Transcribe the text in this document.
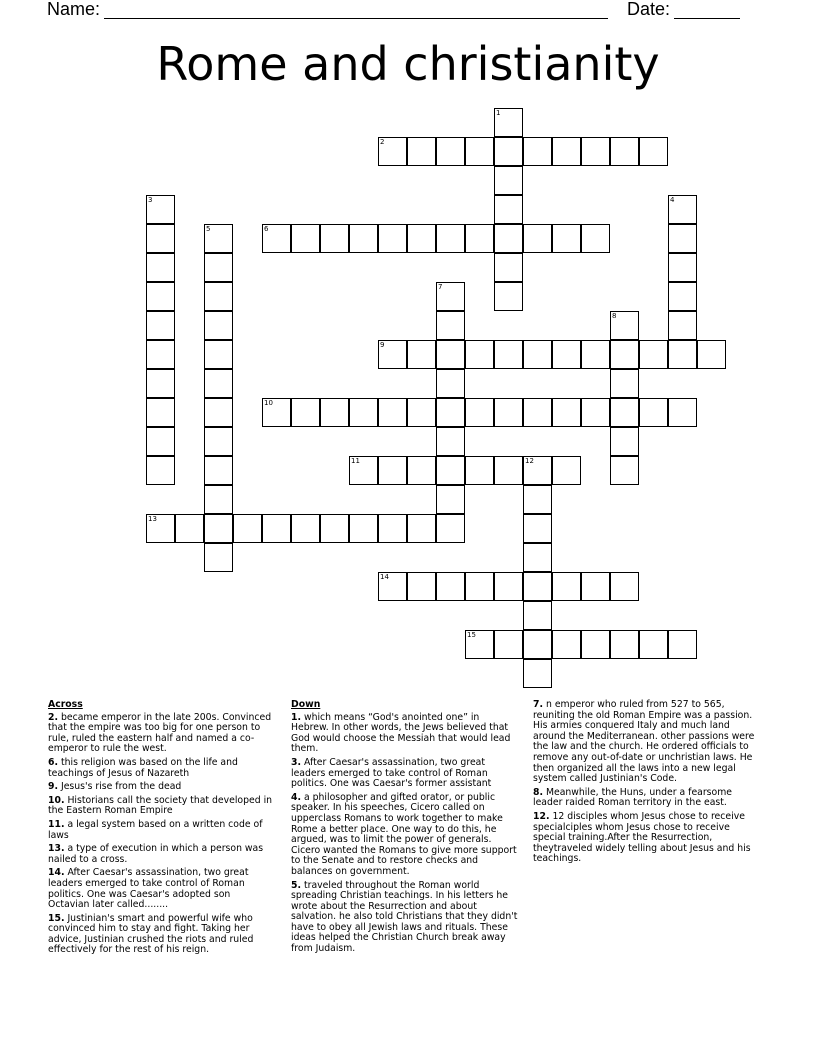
Name:	Date:
Rome and christianity
1
2
3	4
5	6
7
8
9
10
11	12
13
14
15
Across
2. became emperor in the late 200s. Convinced that the empire was too big for one person to rule, ruled the eastern half and named a co-emperor to rule the west.
6. this religion was based on the life and teachings of Jesus of Nazareth
9. Jesus's rise from the dead
10. Historians call the society that developed in the Eastern Roman Empire
11. a legal system based on a written code of laws
13. a type of execution in which a person was nailed to a cross.
14. After Caesar's assassination, two great leaders emerged to take control of Roman politics. One was Caesar's adopted son Octavian later called........
15. Justinian's smart and powerful wife who convinced him to stay and fight. Taking her advice, Justinian crushed the riots and ruled effectively for the rest of his reign.
Down
1. which means “God's anointed one” in Hebrew. In other words, the Jews believed that God would choose the Messiah that would lead them.
3. After Caesar's assassination, two great leaders emerged to take control of Roman politics. One was Caesar's former assistant
4. a philosopher and gifted orator, or public speaker. In his speeches, Cicero called on upperclass Romans to work together to make Rome a better place. One way to do this, he argued, was to limit the power of generals. Cicero wanted the Romans to give more support to the Senate and to restore checks and balances on government.
5. traveled throughout the Roman world spreading Christian teachings. In his letters he wrote about the Resurrection and about salvation. he also told Christians that they didn't have to obey all Jewish laws and rituals. These ideas helped the Christian Church break away from Judaism.
7. n emperor who ruled from 527 to 565, reuniting the old Roman Empire was a passion. His armies conquered Italy and much land around the Mediterranean. other passions were the law and the church. He ordered officials to remove any out-of-date or unchristian laws. He then organized all the laws into a new legal system called Justinian's Code.
8. Meanwhile, the Huns, under a fearsome leader raided Roman territory in the east.
12. 12 disciples whom Jesus chose to receive specialciples whom Jesus chose to receive special training.After the Resurrection, theytraveled widely telling about Jesus and his teachings.
